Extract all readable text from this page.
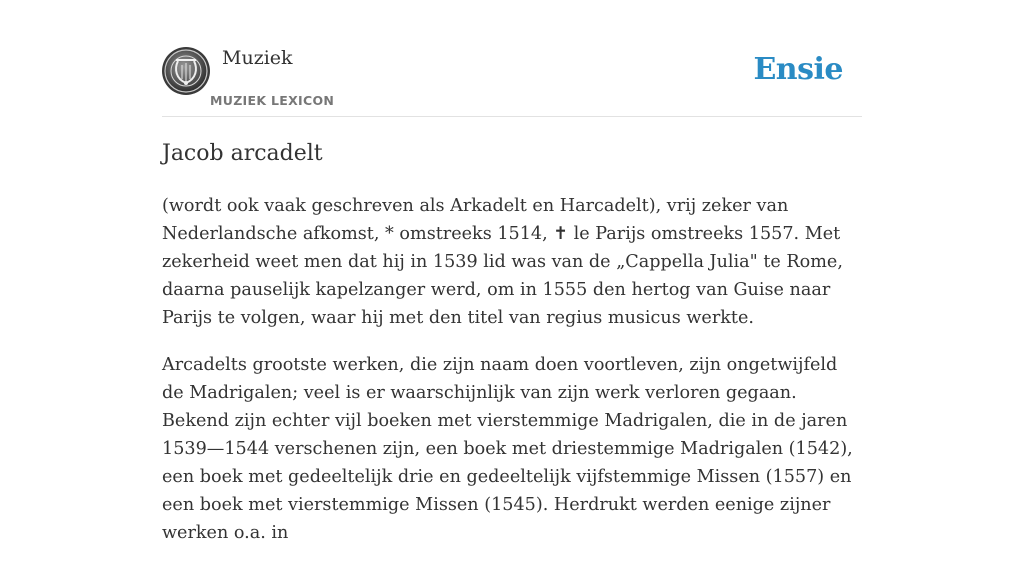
Muziek
MUZIEK LEXICON
Ensie
Jacob arcadelt

(wordt ook vaak geschreven als Arkadelt en Harcadelt), vrij zeker van Nederlandsche afkomst, * omstreeks 1514, ✝ le Parijs omstreeks 1557. Met zekerheid weet men dat hij in 1539 lid was van de „Cappella Julia" te Rome, daarna pauselijk kapelzanger werd, om in 1555 den hertog van Guise naar Parijs te volgen, waar hij met den titel van regius musicus werkte.

Arcadelts grootste werken, die zijn naam doen voortleven, zijn ongetwijfeld de Madrigalen; veel is er waarschijnlijk van zijn werk verloren gegaan. Bekend zijn echter vijl boeken met vierstemmige Madrigalen, die in de jaren 1539—1544 verschenen zijn, een boek met driestemmige Madrigalen (1542), een boek met gedeeltelijk drie en gedeeltelijk vijfstemmige Missen (1557) en een boek met vierstemmige Missen (1545). Herdrukt werden eenige zijner werken o.a. in
